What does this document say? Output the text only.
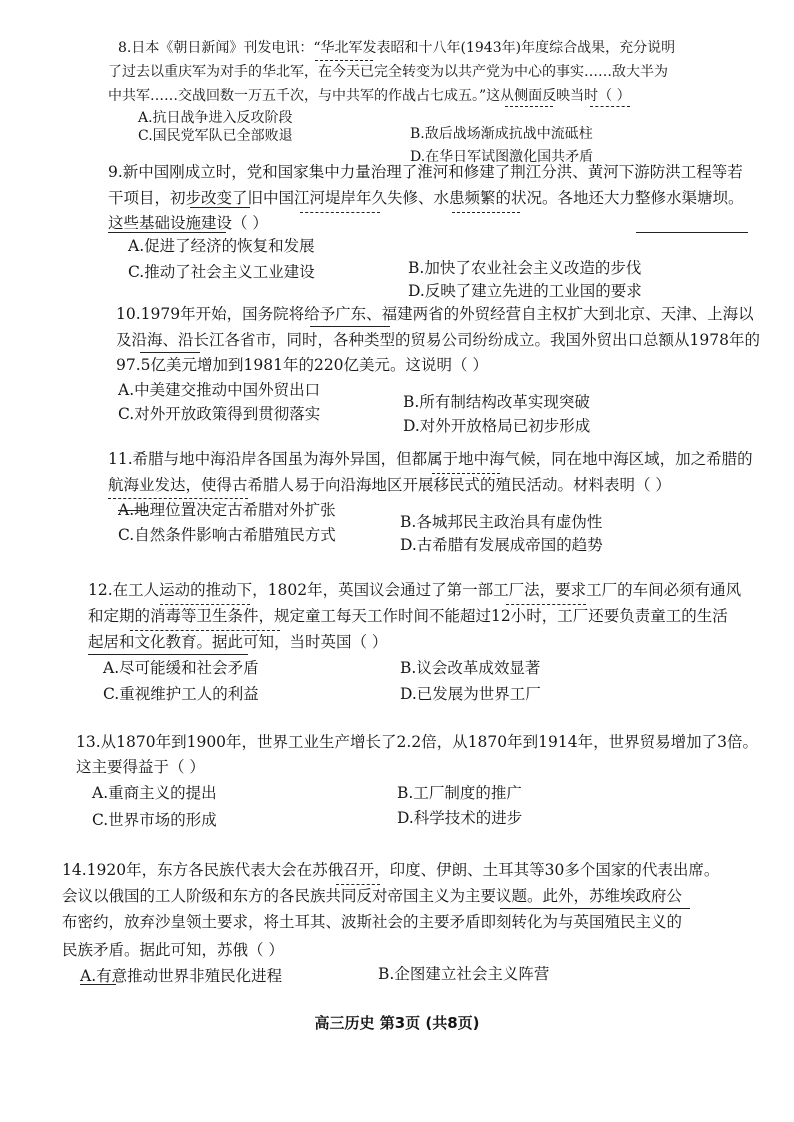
8.日本《朝日新闻》刊发电讯：“华北军发表昭和十八年(1943年)年度综合战果，充分说明
了过去以重庆军为对手的华北军，在今天已完全转变为以共产党为中心的事实……敌大半为
中共军……交战回数一万五千次，与中共军的作战占七成五。”这从侧面反映当时（ ）
A.抗日战争进入反攻阶段
B.敌后战场渐成抗战中流砥柱
C.国民党军队已全部败退
D.在华日军试图激化国共矛盾
9.新中国刚成立时，党和国家集中力量治理了淮河和修建了荆江分洪、黄河下游防洪工程等若
干项目，初步改变了旧中国江河堤岸年久失修、水患频繁的状况。各地还大力整修水渠塘坝。
这些基础设施建设（ ）
A.促进了经济的恢复和发展
B.加快了农业社会主义改造的步伐
C.推动了社会主义工业建设
D.反映了建立先进的工业国的要求
10.1979年开始，国务院将给予广东、福建两省的外贸经营自主权扩大到北京、天津、上海以
及沿海、沿长江各省市，同时，各种类型的贸易公司纷纷成立。我国外贸出口总额从1978年的
97.5亿美元增加到1981年的220亿美元。这说明（ ）
A.中美建交推动中国外贸出口
B.所有制结构改革实现突破
C.对外开放政策得到贯彻落实
D.对外开放格局已初步形成
11.希腊与地中海沿岸各国虽为海外异国，但都属于地中海气候，同在地中海区域，加之希腊的
航海业发达，使得古希腊人易于向沿海地区开展移民式的殖民活动。材料表明（ ）
A.地理位置决定古希腊对外扩张
B.各城邦民主政治具有虚伪性
C.自然条件影响古希腊殖民方式
D.古希腊有发展成帝国的趋势
12.在工人运动的推动下，1802年，英国议会通过了第一部工厂法，要求工厂的车间必须有通风
和定期的消毒等卫生条件，规定童工每天工作时间不能超过12小时，工厂还要负责童工的生活
起居和文化教育。据此可知，当时英国（ ）
A.尽可能缓和社会矛盾	B.议会改革成效显著
C.重视维护工人的利益	D.已发展为世界工厂
13.从1870年到1900年，世界工业生产增长了2.2倍，从1870年到1914年，世界贸易增加了3倍。
这主要得益于（ ）
A.重商主义的提出	B.工厂制度的推广
C.世界市场的形成	D.科学技术的进步
14.1920年，东方各民族代表大会在苏俄召开，印度、伊朗、土耳其等30多个国家的代表出席。
会议以俄国的工人阶级和东方的各民族共同反对帝国主义为主要议题。此外，苏维埃政府公
布密约，放弃沙皇领土要求，将土耳其、波斯社会的主要矛盾即刻转化为与英国殖民主义的
民族矛盾。据此可知，苏俄（ ）
A.有意推动世界非殖民化进程	B.企图建立社会主义阵营
高三历史 第3页 (共8页)
